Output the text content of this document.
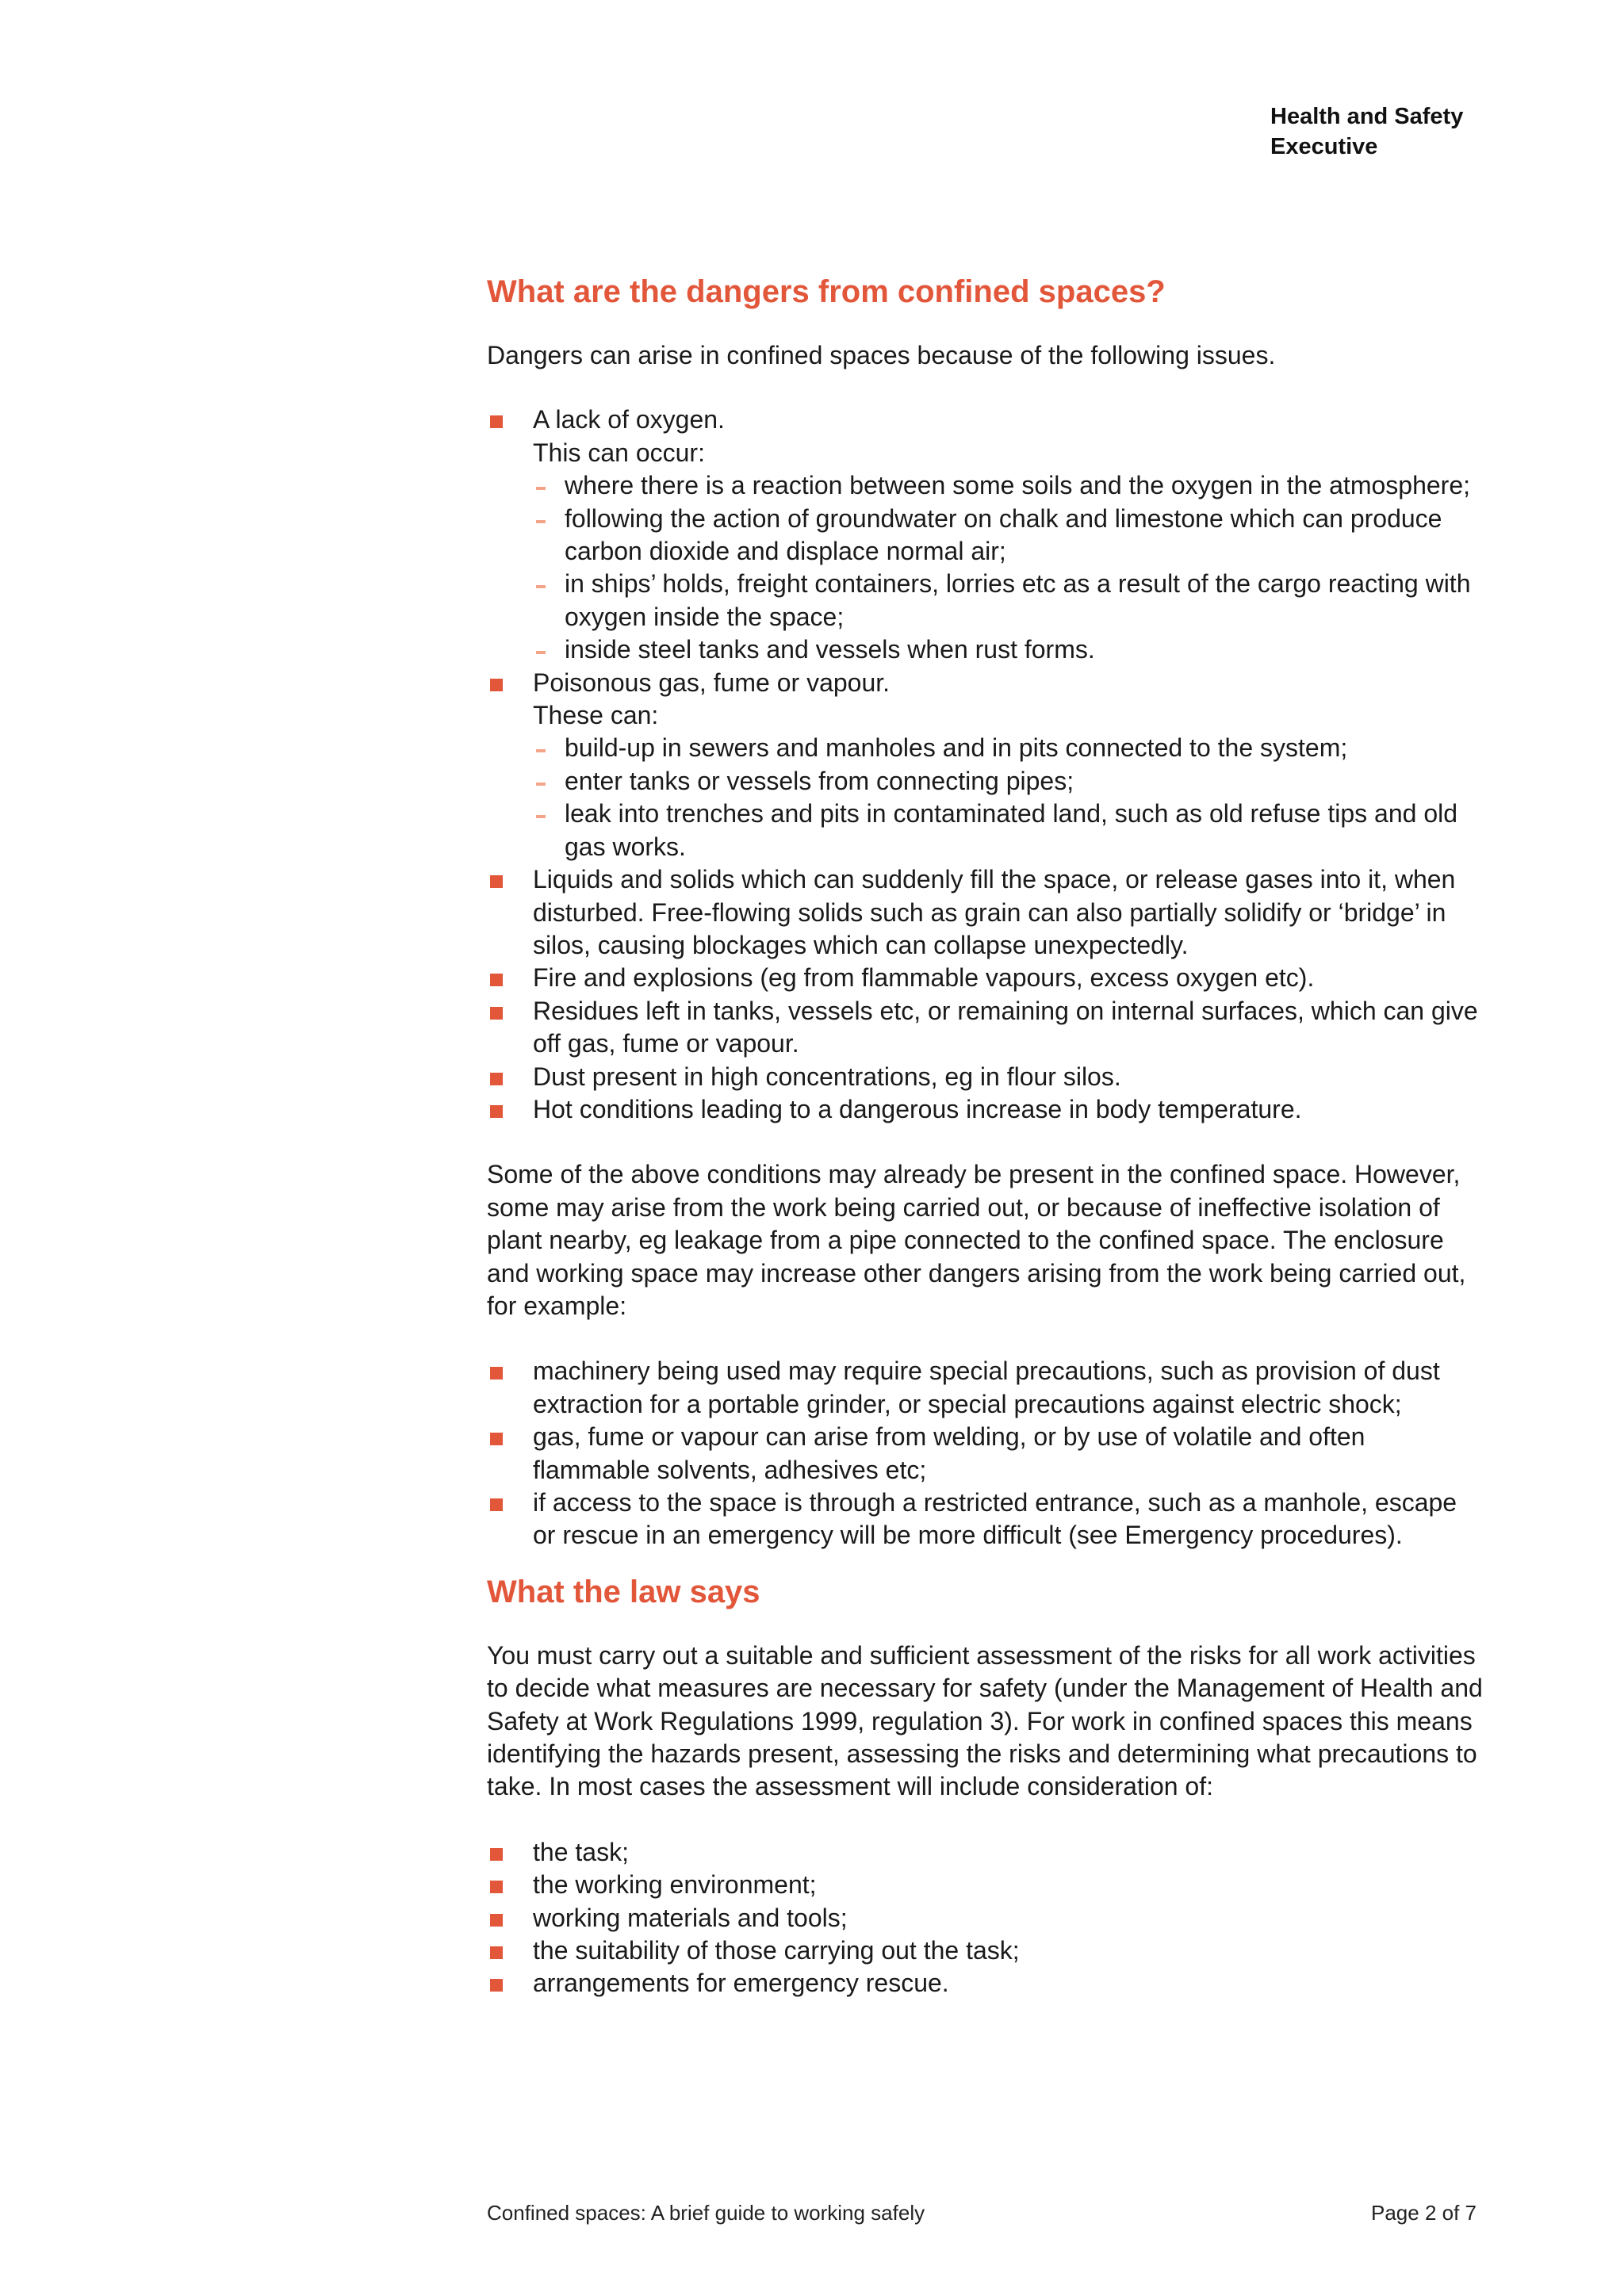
Health and Safety
Executive
What are the dangers from confined spaces?

Dangers can arise in confined spaces because of the following issues.

A lack of oxygen.
This can occur:
where there is a reaction between some soils and the oxygen in the atmosphere;
following the action of groundwater on chalk and limestone which can produce carbon dioxide and displace normal air;
in ships’ holds, freight containers, lorries etc as a result of the cargo reacting with oxygen inside the space;
inside steel tanks and vessels when rust forms.
Poisonous gas, fume or vapour.
These can:
build-up in sewers and manholes and in pits connected to the system;
enter tanks or vessels from connecting pipes;
leak into trenches and pits in contaminated land, such as old refuse tips and old gas works.
Liquids and solids which can suddenly fill the space, or release gases into it, when disturbed. Free-flowing solids such as grain can also partially solidify or ‘bridge’ in silos, causing blockages which can collapse unexpectedly.
Fire and explosions (eg from flammable vapours, excess oxygen etc).
Residues left in tanks, vessels etc, or remaining on internal surfaces, which can give off gas, fume or vapour.
Dust present in high concentrations, eg in flour silos.
Hot conditions leading to a dangerous increase in body temperature.

Some of the above conditions may already be present in the confined space. However, some may arise from the work being carried out, or because of ineffective isolation of plant nearby, eg leakage from a pipe connected to the confined space. The enclosure and working space may increase other dangers arising from the work being carried out, for example:

machinery being used may require special precautions, such as provision of dust extraction for a portable grinder, or special precautions against electric shock;
gas, fume or vapour can arise from welding, or by use of volatile and often flammable solvents, adhesives etc;
if access to the space is through a restricted entrance, such as a manhole, escape or rescue in an emergency will be more difficult (see Emergency procedures).
What the law says

You must carry out a suitable and sufficient assessment of the risks for all work activities to decide what measures are necessary for safety (under the Management of Health and Safety at Work Regulations 1999, regulation 3). For work in confined spaces this means identifying the hazards present, assessing the risks and determining what precautions to take. In most cases the assessment will include consideration of:

the task;
the working environment;
working materials and tools;
the suitability of those carrying out the task;
arrangements for emergency rescue.
Confined spaces: A brief guide to working safely	Page 2 of 7
